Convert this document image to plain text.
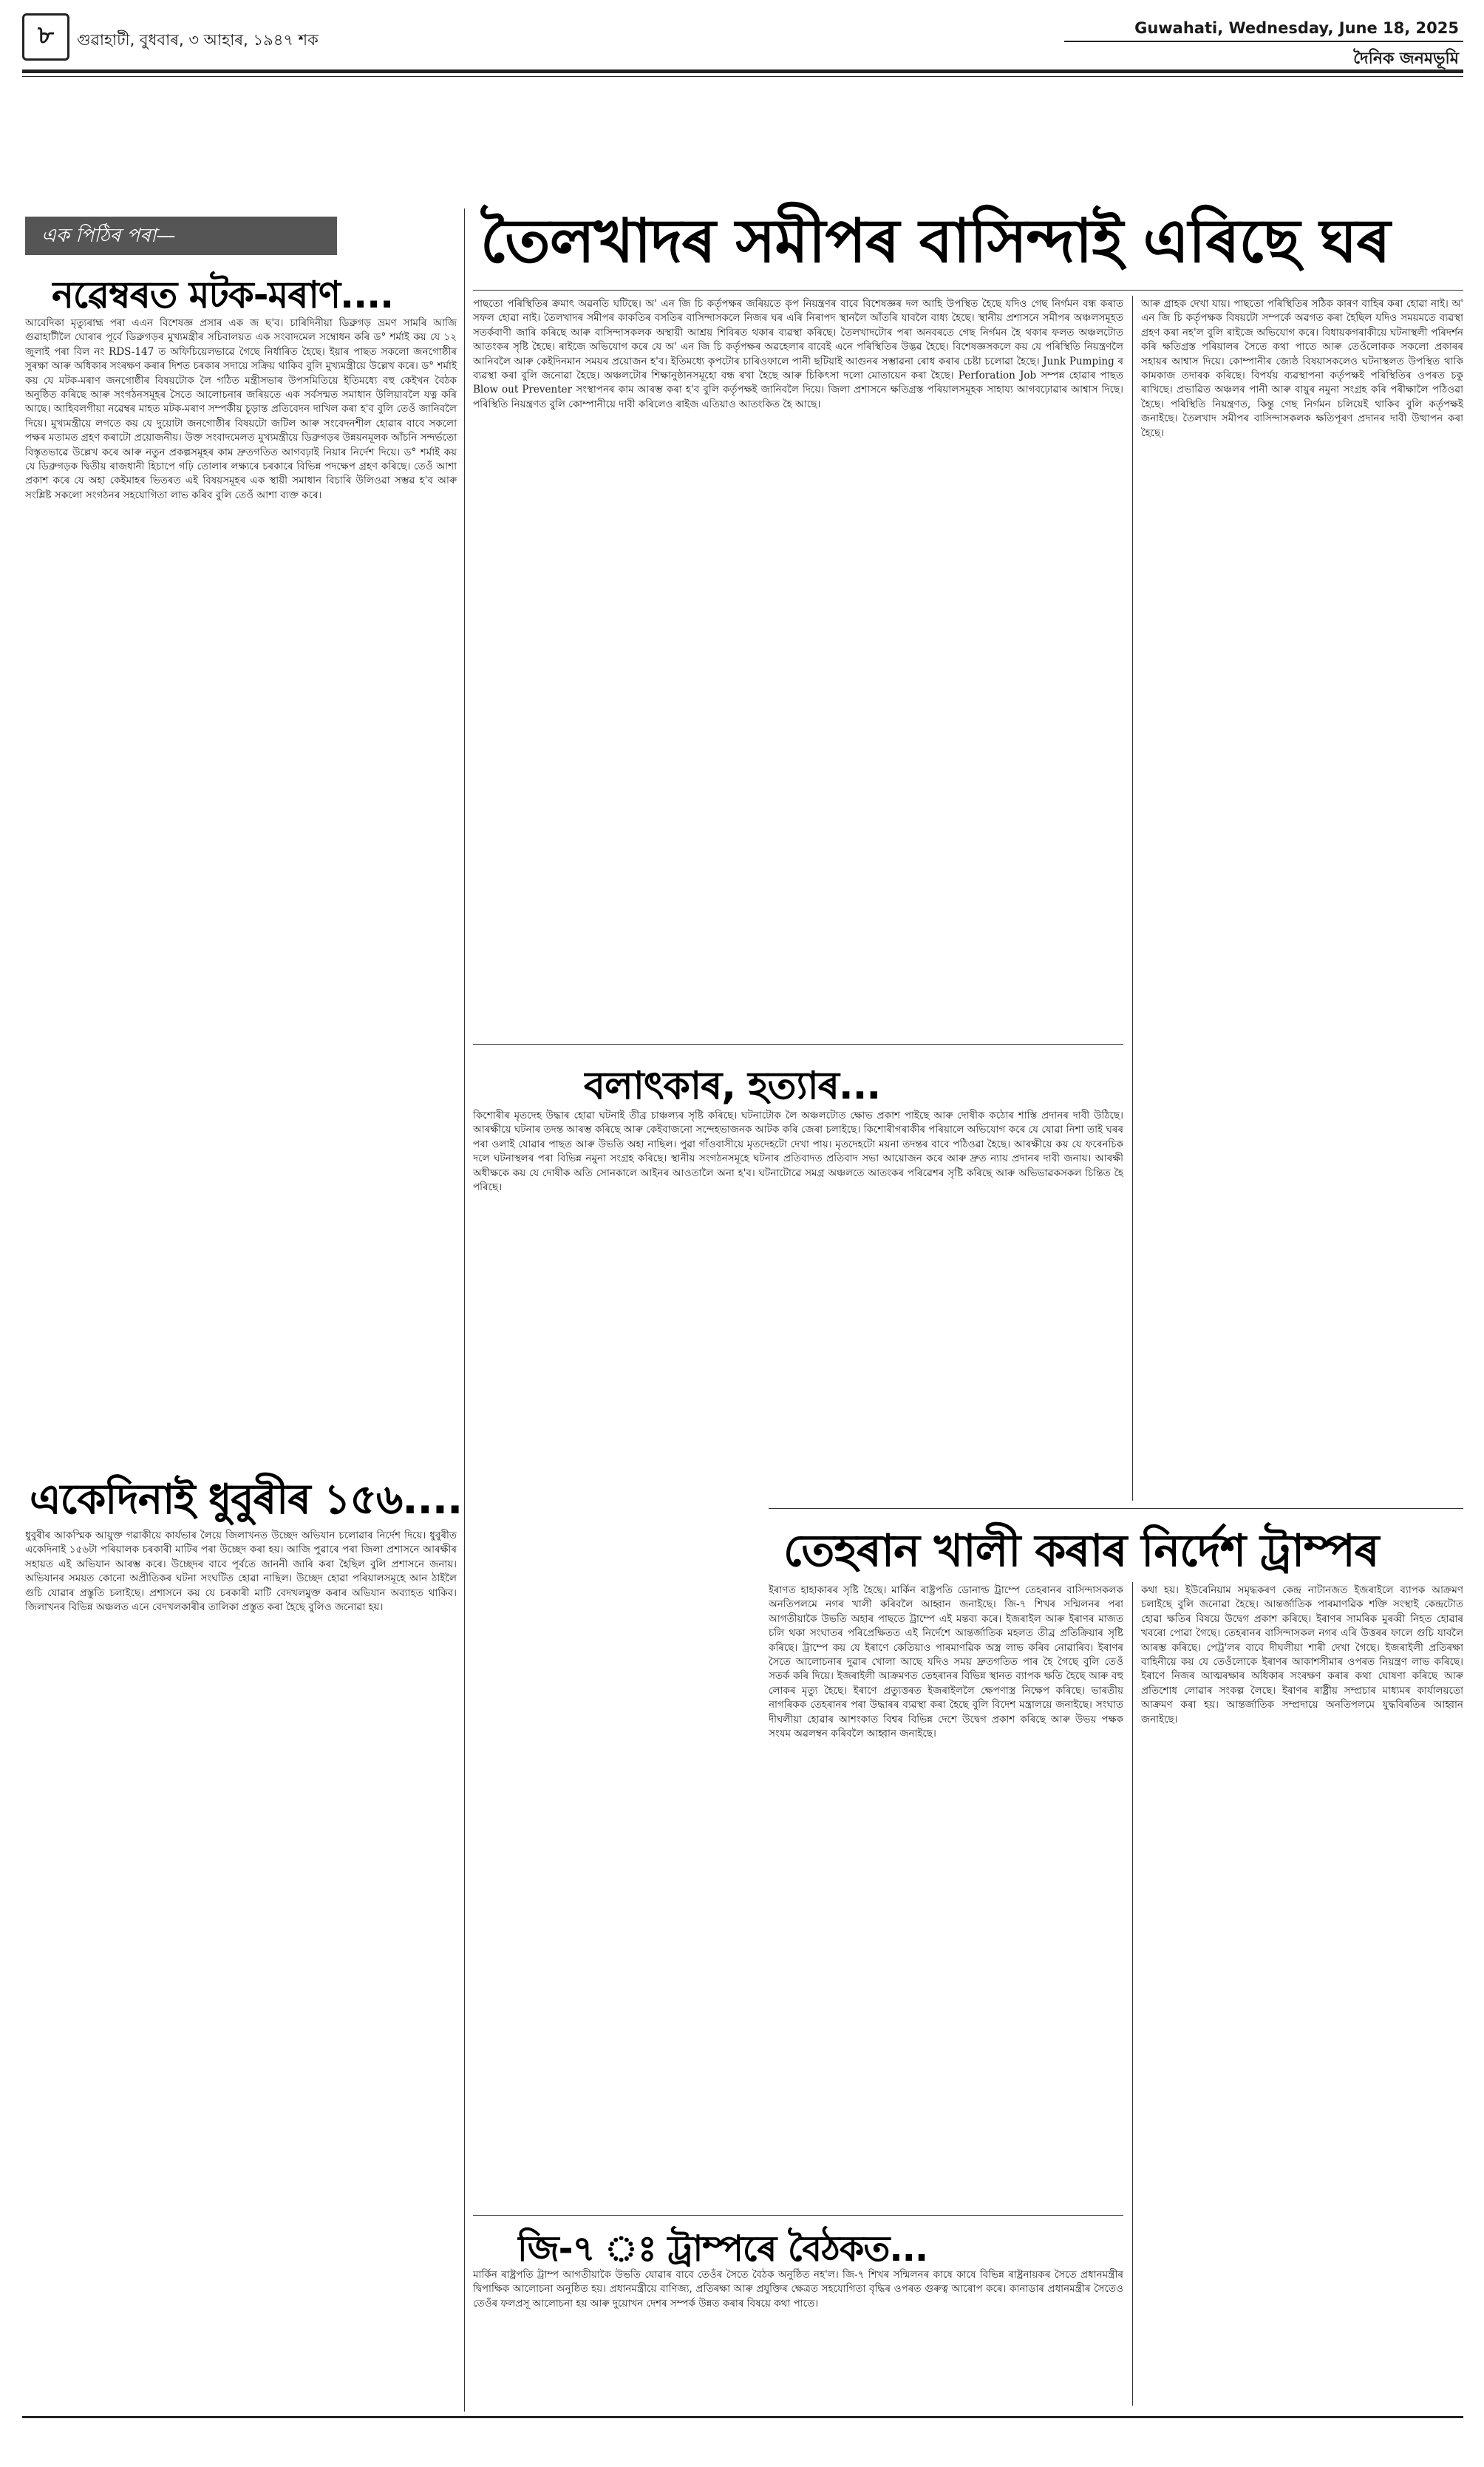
৮	গুৱাহাটী, বুধবাৰ, ৩ আহাৰ, ১৯৪৭ শক
Guwahati, Wednesday, June 18, 2025
দৈনিক জনমভূমি
এক পিঠিৰ পৰা—
নৱেম্বৰত মটক-মৰাণ....
আবেদিকা মৃত্যুৰাহ্ম পৰা এএন বিশেষজ্ঞ প্ৰসাৰ এক জ ছ'ব। চাৰিদিনীয়া ডিব্ৰুগড় ভ্ৰমণ সামৰি আজি গুৱাহাটীলৈ ঘোৰাৰ পূৰ্বে ডিব্ৰুগড়ৰ মুখ্যমন্ত্ৰীৰ সচিবালয়ত এক সংবাদমেল সম্বোধন কৰি ড° শৰ্মাই কয় যে ১২ জুলাই পৰা বিল নং RDS-147 ত অফিচিয়েলভাৱে গৈছে নিৰ্ধাৰিত হৈছে। ইয়াৰ পাছত সকলো জনগোষ্ঠীৰ সুৰক্ষা আৰু অধিকাৰ সংৰক্ষণ কৰাৰ দিশত চৰকাৰ সদায়ে সক্ৰিয় থাকিব বুলি মুখ্যমন্ত্ৰীয়ে উল্লেখ কৰে। ড° শৰ্মাই কয় যে মটক-মৰাণ জনগোষ্ঠীৰ বিষয়টোক লৈ গঠিত মন্ত্ৰীসভাৰ উপসমিতিয়ে ইতিমধ্যে বহু কেইখন বৈঠক অনুষ্ঠিত কৰিছে আৰু সংগঠনসমূহৰ সৈতে আলোচনাৰ জৰিয়তে এক সৰ্বসন্মত সমাধান উলিয়াবলৈ যত্ন কৰি আছে। আহিবলগীয়া নৱেম্বৰ মাহত মটক-মৰাণ সম্পৰ্কীয় চূড়ান্ত প্ৰতিবেদন দাখিল কৰা হ'ব বুলি তেওঁ জানিবলৈ দিয়ে। মুখ্যমন্ত্ৰীয়ে লগতে কয় যে দুয়োটা জনগোষ্ঠীৰ বিষয়টো জটিল আৰু সংবেদনশীল হোৱাৰ বাবে সকলো পক্ষৰ মতামত গ্ৰহণ কৰাটো প্ৰয়োজনীয়। উক্ত সংবাদমেলত মুখ্যমন্ত্ৰীয়ে ডিব্ৰুগড়ৰ উন্নয়নমূলক আঁচনি সন্দৰ্ভতো বিস্তৃতভাৱে উল্লেখ কৰে আৰু নতুন প্ৰকল্পসমূহৰ কাম দ্ৰুতগতিত আগবঢ়াই নিয়াৰ নিৰ্দেশ দিয়ে। ড° শৰ্মাই কয় যে ডিব্ৰুগড়ক দ্বিতীয় ৰাজধানী হিচাপে গঢ়ি তোলাৰ লক্ষ্যৰে চৰকাৰে বিভিন্ন পদক্ষেপ গ্ৰহণ কৰিছে। তেওঁ আশা প্ৰকাশ কৰে যে অহা কেইমাহৰ ভিতৰত এই বিষয়সমূহৰ এক স্থায়ী সমাধান বিচাৰি উলিওৱা সম্ভৱ হ'ব আৰু সংশ্লিষ্ট সকলো সংগঠনৰ সহযোগিতা লাভ কৰিব বুলি তেওঁ আশা ব্যক্ত কৰে।
একেদিনাই ধুবুৰীৰ ১৫৬....
ধুবুৰীৰ আকস্মিক আয়ুক্ত গৱাকীয়ে কাৰ্যভাৰ লৈয়ে জিলাখনত উচ্ছেদ অভিযান চলোৱাৰ নিৰ্দেশ দিয়ে। ধুবুৰীত একেদিনাই ১৫৬টা পৰিয়ালক চৰকাৰী মাটিৰ পৰা উচ্ছেদ কৰা হয়। আজি পুৱাৰে পৰা জিলা প্ৰশাসনে আৰক্ষীৰ সহায়ত এই অভিযান আৰম্ভ কৰে। উচ্ছেদৰ বাবে পূৰ্বতে জাননী জাৰি কৰা হৈছিল বুলি প্ৰশাসনে জনায়। অভিযানৰ সময়ত কোনো অপ্ৰীতিকৰ ঘটনা সংঘটিত হোৱা নাছিল। উচ্ছেদ হোৱা পৰিয়ালসমূহে আন ঠাইলৈ গুচি যোৱাৰ প্ৰস্তুতি চলাইছে। প্ৰশাসনে কয় যে চৰকাৰী মাটি বেদখলমুক্ত কৰাৰ অভিযান অব্যাহত থাকিব। জিলাখনৰ বিভিন্ন অঞ্চলত এনে বেদখলকাৰীৰ তালিকা প্ৰস্তুত কৰা হৈছে বুলিও জনোৱা হয়।
তৈলখাদৰ সমীপৰ বাসিন্দাই এৰিছে ঘৰ
পাছতো পৰিস্থিতিৰ ক্ৰমাৎ অৱনতি ঘটিছে। অ' এন জি চি কৰ্তৃপক্ষৰ জৰিয়তে কৃপ নিয়ন্ত্ৰণৰ বাবে বিশেষজ্ঞৰ দল আহি উপস্থিত হৈছে যদিও গেছ নিৰ্গমন বন্ধ কৰাত সফল হোৱা নাই। তৈলখাদৰ সমীপৰ কাকতিৰ বসতিৰ বাসিন্দাসকলে নিজৰ ঘৰ এৰি নিৰাপদ স্থানলৈ আঁতৰি যাবলৈ বাধ্য হৈছে। স্থানীয় প্ৰশাসনে সমীপৰ অঞ্চলসমূহত সতৰ্কবাণী জাৰি কৰিছে আৰু বাসিন্দাসকলক অস্থায়ী আশ্ৰয় শিবিৰত থকাৰ ব্যৱস্থা কৰিছে। তৈলখাদটোৰ পৰা অনবৰতে গেছ নিৰ্গমন হৈ থকাৰ ফলত অঞ্চলটোত আতংকৰ সৃষ্টি হৈছে। ৰাইজে অভিযোগ কৰে যে অ' এন জি চি কৰ্তৃপক্ষৰ অৱহেলাৰ বাবেই এনে পৰিস্থিতিৰ উদ্ভৱ হৈছে। বিশেষজ্ঞসকলে কয় যে পৰিস্থিতি নিয়ন্ত্ৰণলৈ আনিবলৈ আৰু কেইদিনমান সময়ৰ প্ৰয়োজন হ'ব। ইতিমধ্যে কৃপটোৰ চাৰিওফালে পানী ছটিয়াই আগুনৰ সম্ভাৱনা ৰোধ কৰাৰ চেষ্টা চলোৱা হৈছে। Junk Pumping ৰ ব্যৱস্থা কৰা বুলি জনোৱা হৈছে। অঞ্চলটোৰ শিক্ষানুষ্ঠানসমূহো বন্ধ ৰখা হৈছে আৰু চিকিৎসা দলো মোতায়েন কৰা হৈছে। Perforation Job সম্পন্ন হোৱাৰ পাছত Blow out Preventer সংস্থাপনৰ কাম আৰম্ভ কৰা হ'ব বুলি কৰ্তৃপক্ষই জানিবলৈ দিয়ে। জিলা প্ৰশাসনে ক্ষতিগ্ৰস্ত পৰিয়ালসমূহক সাহায্য আগবঢ়োৱাৰ আশ্বাস দিছে। পৰিস্থিতি নিয়ন্ত্ৰণত বুলি কোম্পানীয়ে দাবী কৰিলেও ৰাইজ এতিয়াও আতংকিত হৈ আছে।
আৰু গ্ৰাহক দেখা যায়। পাছতো পৰিস্থিতিৰ সঠিক কাৰণ বাহিৰ কৰা হোৱা নাই। অ' এন জি চি কৰ্তৃপক্ষক বিষয়টো সম্পৰ্কে অৱগত কৰা হৈছিল যদিও সময়মতে ব্যৱস্থা গ্ৰহণ কৰা নহ'ল বুলি ৰাইজে অভিযোগ কৰে। বিধায়কগৰাকীয়ে ঘটনাস্থলী পৰিদৰ্শন কৰি ক্ষতিগ্ৰস্ত পৰিয়ালৰ সৈতে কথা পাতে আৰু তেওঁলোকক সকলো প্ৰকাৰৰ সহায়ৰ আশ্বাস দিয়ে। কোম্পানীৰ জ্যেষ্ঠ বিষয়াসকলেও ঘটনাস্থলত উপস্থিত থাকি কামকাজ তদাৰক কৰিছে। বিপৰ্যয় ব্যৱস্থাপনা কৰ্তৃপক্ষই পৰিস্থিতিৰ ওপৰত চকু ৰাখিছে। প্ৰভাৱিত অঞ্চলৰ পানী আৰু বায়ুৰ নমুনা সংগ্ৰহ কৰি পৰীক্ষালৈ পঠিওৱা হৈছে। পৰিস্থিতি নিয়ন্ত্ৰণত, কিন্তু গেছ নিৰ্গমন চলিয়েই থাকিব বুলি কৰ্তৃপক্ষই জনাইছে। তৈলখাদ সমীপৰ বাসিন্দাসকলক ক্ষতিপূৰণ প্ৰদানৰ দাবী উত্থাপন কৰা হৈছে।
বলাৎকাৰ, হত্যাৰ...
কিশোৰীৰ মৃতদেহ উদ্ধাৰ হোৱা ঘটনাই তীব্ৰ চাঞ্চল্যৰ সৃষ্টি কৰিছে। ঘটনাটোক লৈ অঞ্চলটোত ক্ষোভ প্ৰকাশ পাইছে আৰু দোষীক কঠোৰ শাস্তি প্ৰদানৰ দাবী উঠিছে। আৰক্ষীয়ে ঘটনাৰ তদন্ত আৰম্ভ কৰিছে আৰু কেইবাজনো সন্দেহভাজনক আটক কৰি জেৰা চলাইছে। কিশোৰীগৰাকীৰ পৰিয়ালে অভিযোগ কৰে যে যোৱা নিশা তাই ঘৰৰ পৰা ওলাই যোৱাৰ পাছত আৰু উভতি অহা নাছিল। পুৱা গাঁওবাসীয়ে মৃতদেহটো দেখা পায়। মৃতদেহটো ময়না তদন্তৰ বাবে পঠিওৱা হৈছে। আৰক্ষীয়ে কয় যে ফৰেনচিক দলে ঘটনাস্থলৰ পৰা বিভিন্ন নমুনা সংগ্ৰহ কৰিছে। স্থানীয় সংগঠনসমূহে ঘটনাৰ প্ৰতিবাদত প্ৰতিবাদ সভা আয়োজন কৰে আৰু দ্ৰুত ন্যায় প্ৰদানৰ দাবী জনায়। আৰক্ষী অধীক্ষকে কয় যে দোষীক অতি সোনকালে আইনৰ আওতালৈ অনা হ'ব। ঘটনাটোৱে সমগ্ৰ অঞ্চলতে আতংকৰ পৰিৱেশৰ সৃষ্টি কৰিছে আৰু অভিভাৱকসকল চিন্তিত হৈ পৰিছে।
জি-৭ ঃ ট্ৰাম্পৰে বৈঠকত...
মাৰ্কিন ৰাষ্ট্ৰপতি ট্ৰাম্প আগতীয়াকৈ উভতি যোৱাৰ বাবে তেওঁৰ সৈতে বৈঠক অনুষ্ঠিত নহ'ল। জি-৭ শিখৰ সন্মিলনৰ কাষে কাষে বিভিন্ন ৰাষ্ট্ৰনায়কৰ সৈতে প্ৰধানমন্ত্ৰীৰ দ্বিপাক্ষিক আলোচনা অনুষ্ঠিত হয়। প্ৰধানমন্ত্ৰীয়ে বাণিজ্য, প্ৰতিৰক্ষা আৰু প্ৰযুক্তিৰ ক্ষেত্ৰত সহযোগিতা বৃদ্ধিৰ ওপৰত গুৰুত্ব আৰোপ কৰে। কানাডাৰ প্ৰধানমন্ত্ৰীৰ সৈতেও তেওঁৰ ফলপ্ৰসূ আলোচনা হয় আৰু দুয়োখন দেশৰ সম্পৰ্ক উন্নত কৰাৰ বিষয়ে কথা পাতে।
তেহৰান খালী কৰাৰ নিৰ্দেশ ট্ৰাম্পৰ
ইৰাণত হাহাকাৰৰ সৃষ্টি হৈছে। মাৰ্কিন ৰাষ্ট্ৰপতি ডোনাল্ড ট্ৰাম্পে তেহৰানৰ বাসিন্দাসকলক অনতিপলমে নগৰ খালী কৰিবলৈ আহ্বান জনাইছে। জি-৭ শিখৰ সন্মিলনৰ পৰা আগতীয়াকৈ উভতি অহাৰ পাছতে ট্ৰাম্পে এই মন্তব্য কৰে। ইজৰাইল আৰু ইৰাণৰ মাজত চলি থকা সংঘাতৰ পৰিপ্ৰেক্ষিতত এই নিৰ্দেশে আন্তৰ্জাতিক মহলত তীব্ৰ প্ৰতিক্ৰিয়াৰ সৃষ্টি কৰিছে। ট্ৰাম্পে কয় যে ইৰাণে কেতিয়াও পাৰমাণৱিক অস্ত্ৰ লাভ কৰিব নোৱাৰিব। ইৰাণৰ সৈতে আলোচনাৰ দুৱাৰ খোলা আছে যদিও সময় দ্ৰুতগতিত পাৰ হৈ গৈছে বুলি তেওঁ সতৰ্ক কৰি দিয়ে। ইজৰাইলী আক্ৰমণত তেহৰানৰ বিভিন্ন স্থানত ব্যাপক ক্ষতি হৈছে আৰু বহু লোকৰ মৃত্যু হৈছে। ইৰাণে প্ৰত্যুত্তৰত ইজৰাইললৈ ক্ষেপণাস্ত্ৰ নিক্ষেপ কৰিছে। ভাৰতীয় নাগৰিকক তেহৰানৰ পৰা উদ্ধাৰৰ ব্যৱস্থা কৰা হৈছে বুলি বিদেশ মন্ত্ৰালয়ে জনাইছে। সংঘাত দীঘলীয়া হোৱাৰ আশংকাত বিশ্বৰ বিভিন্ন দেশে উদ্বেগ প্ৰকাশ কৰিছে আৰু উভয় পক্ষক সংযম অৱলম্বন কৰিবলৈ আহ্বান জনাইছে।
কথা হয়। ইউৰেনিয়াম সমৃদ্ধকৰণ কেন্দ্ৰ নাটানজত ইজৰাইলে ব্যাপক আক্ৰমণ চলাইছে বুলি জনোৱা হৈছে। আন্তৰ্জাতিক পাৰমাণৱিক শক্তি সংস্থাই কেন্দ্ৰটোত হোৱা ক্ষতিৰ বিষয়ে উদ্বেগ প্ৰকাশ কৰিছে। ইৰাণৰ সামৰিক মুৰব্বী নিহত হোৱাৰ খবৰো পোৱা গৈছে। তেহৰানৰ বাসিন্দাসকল নগৰ এৰি উত্তৰৰ ফালে গুচি যাবলৈ আৰম্ভ কৰিছে। পেট্ৰ'লৰ বাবে দীঘলীয়া শাৰী দেখা গৈছে। ইজৰাইলী প্ৰতিৰক্ষা বাহিনীয়ে কয় যে তেওঁলোকে ইৰাণৰ আকাশসীমাৰ ওপৰত নিয়ন্ত্ৰণ লাভ কৰিছে। ইৰাণে নিজৰ আত্মৰক্ষাৰ অধিকাৰ সংৰক্ষণ কৰাৰ কথা ঘোষণা কৰিছে আৰু প্ৰতিশোধ লোৱাৰ সংকল্প লৈছে। ইৰাণৰ ৰাষ্ট্ৰীয় সম্প্ৰচাৰ মাধ্যমৰ কাৰ্যালয়তো আক্ৰমণ কৰা হয়। আন্তৰ্জাতিক সম্প্ৰদায়ে অনতিপলমে যুদ্ধবিৰতিৰ আহ্বান জনাইছে।
